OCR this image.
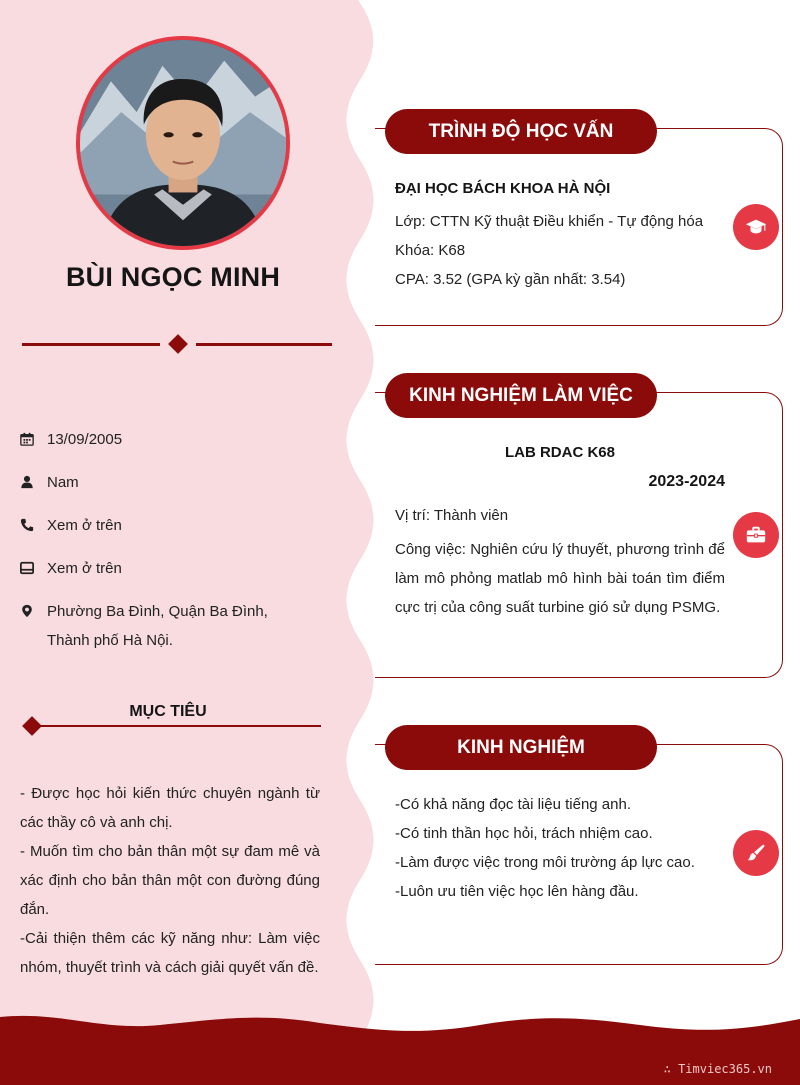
∴ Timviec365.vn
BÙI NGỌC MINH
13/09/2005
Nam
Xem ở trên
Xem ở trên
Phường Ba Đình, Quận Ba Đình,
Thành phố Hà Nội.
MỤC TIÊU

- Được học hỏi kiến thức chuyên ngành từ các thầy cô và anh chị.

- Muốn tìm cho bản thân một sự đam mê và xác định cho bản thân một con đường đúng đắn.

-Cải thiện thêm các kỹ năng như: Làm việc nhóm, thuyết trình và cách giải quyết vấn đề.

TRÌNH ĐỘ HỌC VẤN
ĐẠI HỌC BÁCH KHOA HÀ NỘI
Lớp: CTTN Kỹ thuật Điều khiển - Tự động hóa
Khóa: K68
CPA: 3.52 (GPA kỳ gần nhất: 3.54)
KINH NGHIỆM LÀM VIỆC
LAB RDAC K68
2023-2024
Vị trí: Thành viên
Công việc: Nghiên cứu lý thuyết, phương trình để làm mô phỏng matlab mô hình bài toán tìm điểm cực trị của công suất turbine gió sử dụng PSMG.
KINH NGHIỆM
-Có khả năng đọc tài liệu tiếng anh.
-Có tinh thần học hỏi, trách nhiệm cao.
-Làm được việc trong môi trường áp lực cao.
-Luôn ưu tiên việc học lên hàng đầu.
